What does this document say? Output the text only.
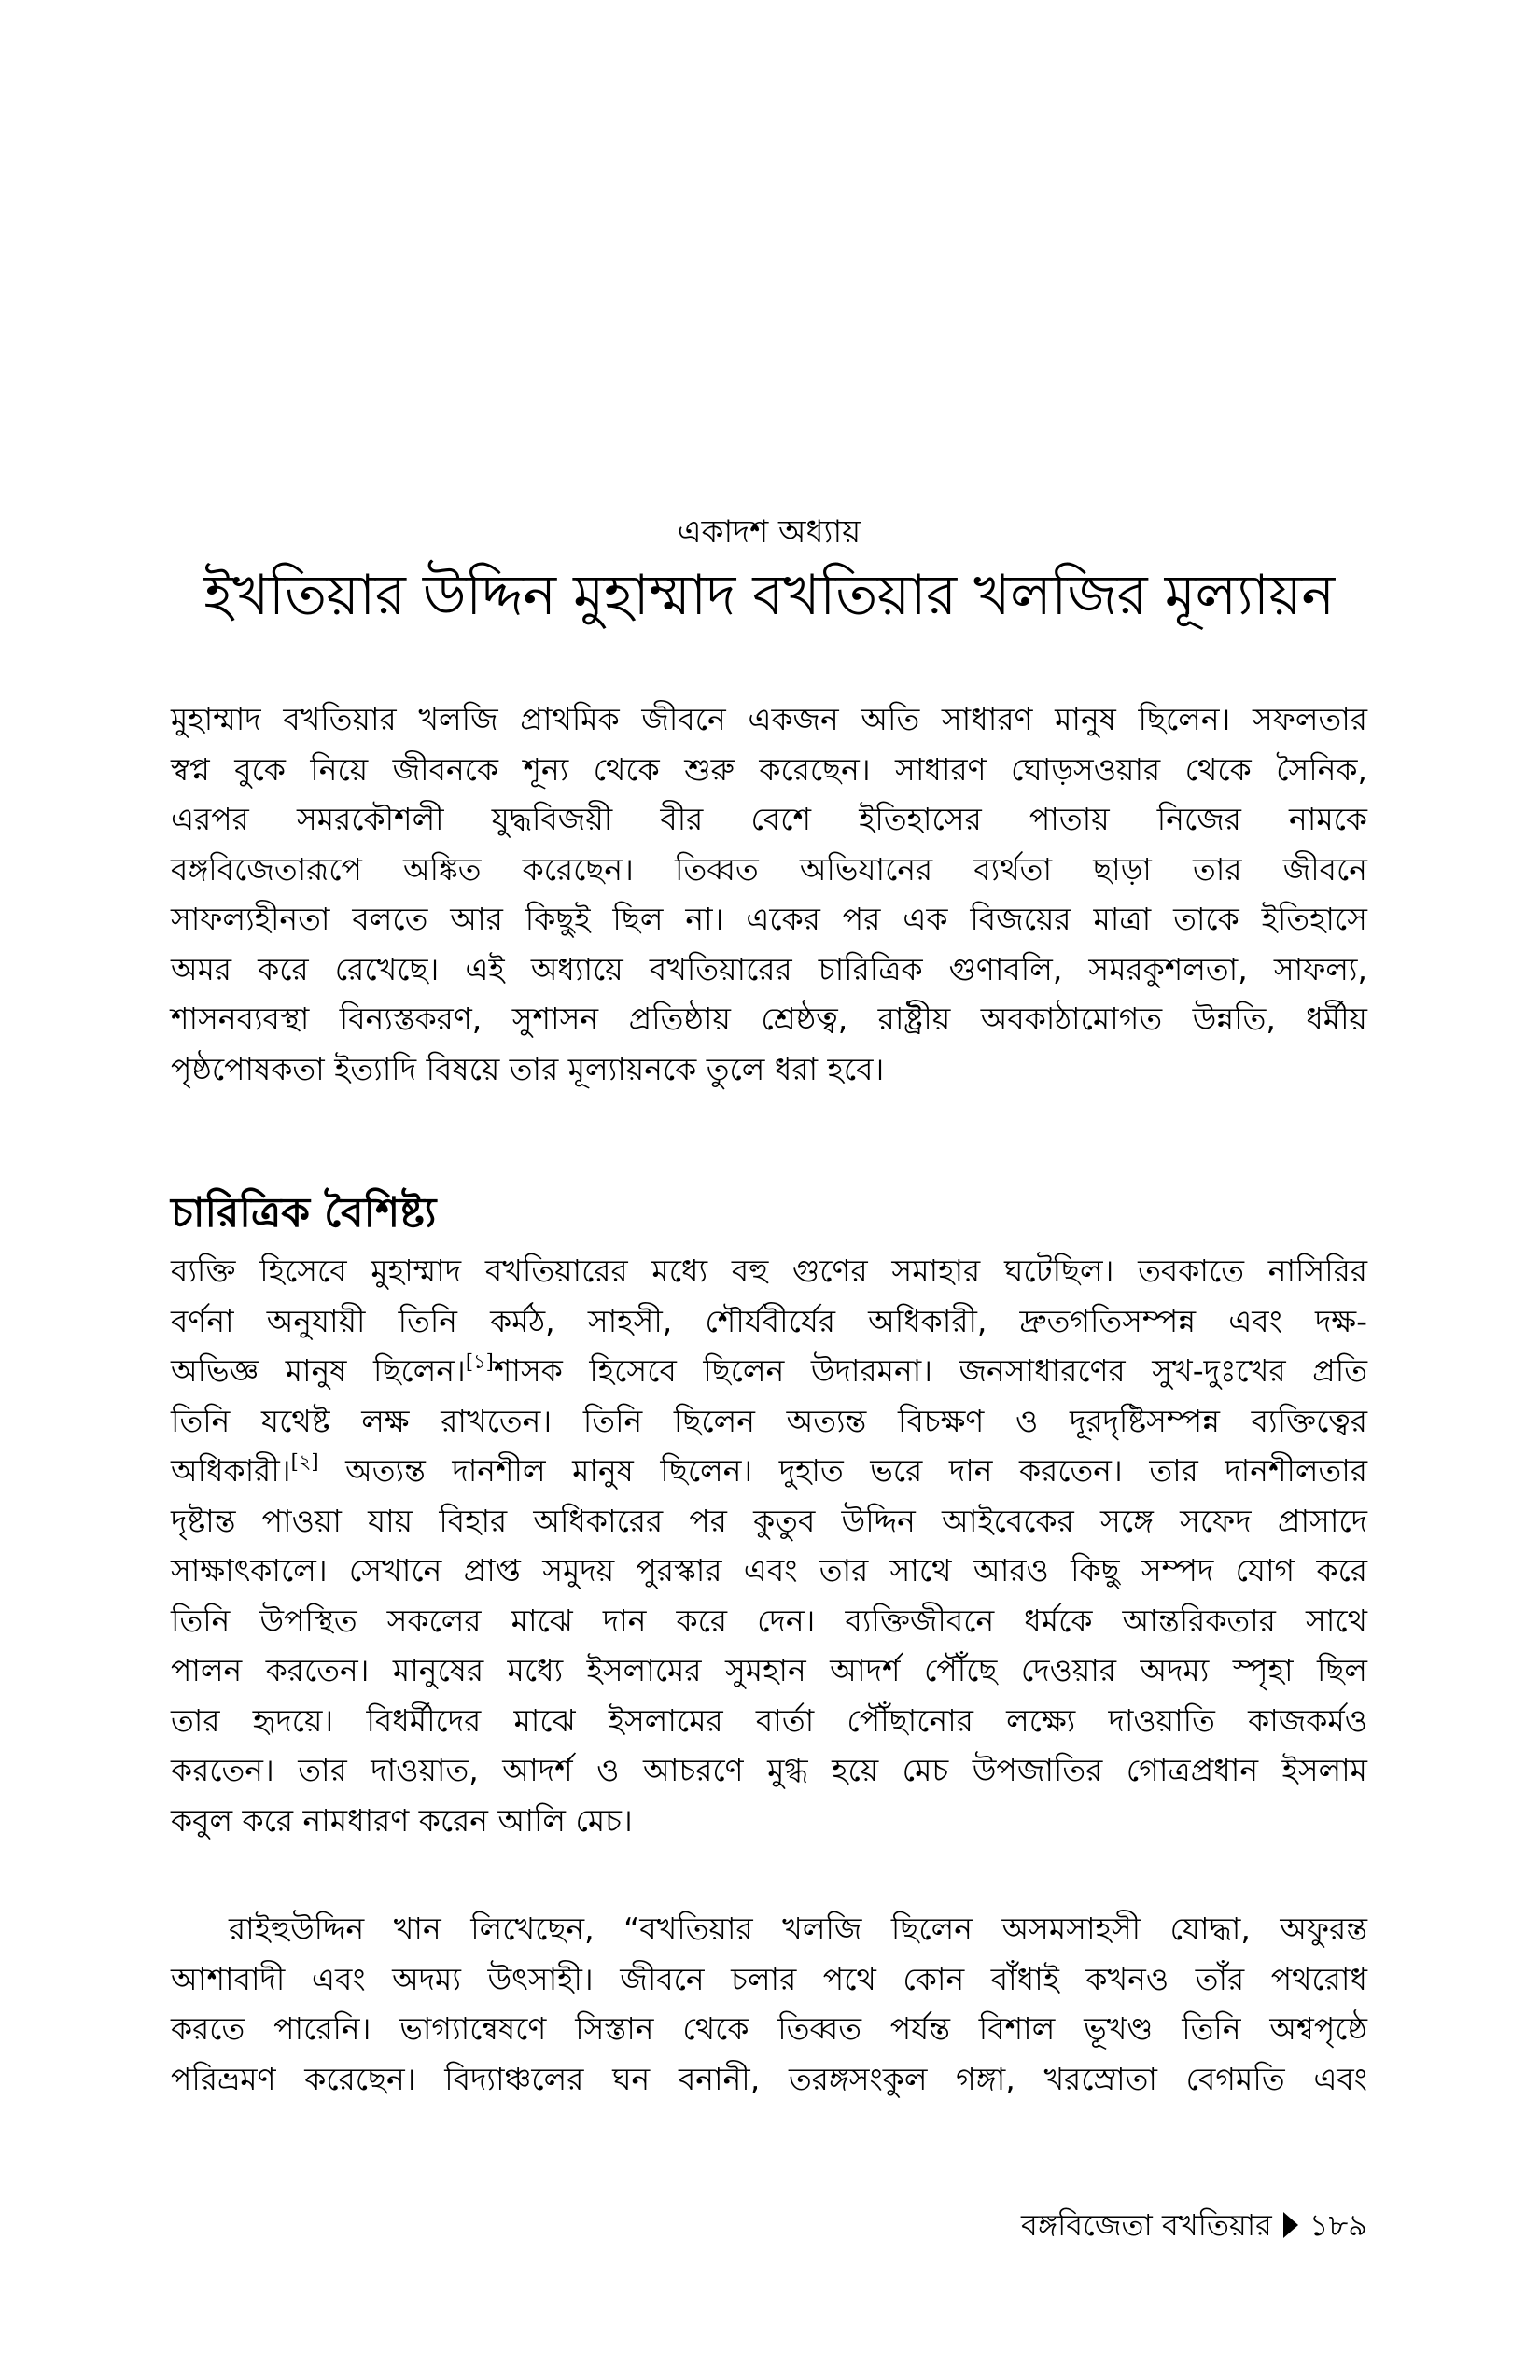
একাদশ অধ্যায়
ইখতিয়ার উদ্দিন মুহাম্মাদ বখতিয়ার খলজির মূল্যায়ন
মুহাম্মাদ বখতিয়ার খলজি প্রাথমিক জীবনে একজন অতি সাধারণ মানুষ ছিলেন। সফলতার
স্বপ্ন বুকে নিয়ে জীবনকে শূন্য থেকে শুরু করেছেন। সাধারণ ঘোড়সওয়ার থেকে সৈনিক,
এরপর সমরকৌশলী যুদ্ধবিজয়ী বীর বেশে ইতিহাসের পাতায় নিজের নামকে
বঙ্গবিজেতারূপে অঙ্কিত করেছেন। তিব্বত অভিযানের ব্যর্থতা ছাড়া তার জীবনে
সাফল্যহীনতা বলতে আর কিছুই ছিল না। একের পর এক বিজয়ের মাত্রা তাকে ইতিহাসে
অমর করে রেখেছে। এই অধ্যায়ে বখতিয়ারের চারিত্রিক গুণাবলি, সমরকুশলতা, সাফল্য,
শাসনব্যবস্থা বিন্যস্তকরণ, সুশাসন প্রতিষ্ঠায় শ্রেষ্ঠত্ব, রাষ্ট্রীয় অবকাঠামোগত উন্নতি, ধর্মীয়
পৃষ্ঠপোষকতা ইত্যাদি বিষয়ে তার মূল্যায়নকে তুলে ধরা হবে।
চারিত্রিক বৈশিষ্ট্য
ব্যক্তি হিসেবে মুহাম্মাদ বখতিয়ারের মধ্যে বহু গুণের সমাহার ঘটেছিল। তবকাতে নাসিরির
বর্ণনা অনুযায়ী তিনি কর্মঠ, সাহসী, শৌর্যবীর্যের অধিকারী, দ্রুতগতিসম্পন্ন এবং দক্ষ-
অভিজ্ঞ মানুষ ছিলেন।[১]শাসক হিসেবে ছিলেন উদারমনা। জনসাধারণের সুখ-দুঃখের প্রতি
তিনি যথেষ্ট লক্ষ রাখতেন। তিনি ছিলেন অত্যন্ত বিচক্ষণ ও দূরদৃষ্টিসম্পন্ন ব্যক্তিত্বের
অধিকারী।[২] অত্যন্ত দানশীল মানুষ ছিলেন। দুহাত ভরে দান করতেন। তার দানশীলতার
দৃষ্টান্ত পাওয়া যায় বিহার অধিকারের পর কুতুব উদ্দিন আইবেকের সঙ্গে সফেদ প্রাসাদে
সাক্ষাৎকালে। সেখানে প্রাপ্ত সমুদয় পুরস্কার এবং তার সাথে আরও কিছু সম্পদ যোগ করে
তিনি উপস্থিত সকলের মাঝে দান করে দেন। ব্যক্তিজীবনে ধর্মকে আন্তরিকতার সাথে
পালন করতেন। মানুষের মধ্যে ইসলামের সুমহান আদর্শ পৌঁছে দেওয়ার অদম্য স্পৃহা ছিল
তার হৃদয়ে। বিধর্মীদের মাঝে ইসলামের বার্তা পৌঁছানোর লক্ষ্যে দাওয়াতি কাজকর্মও
করতেন। তার দাওয়াত, আদর্শ ও আচরণে মুগ্ধ হয়ে মেচ উপজাতির গোত্রপ্রধান ইসলাম
কবুল করে নামধারণ করেন আলি মেচ।
রাইহুউদ্দিন খান লিখেছেন, “বখতিয়ার খলজি ছিলেন অসমসাহসী যোদ্ধা, অফুরন্ত
আশাবাদী এবং অদম্য উৎসাহী। জীবনে চলার পথে কোন বাঁধাই কখনও তাঁর পথরোধ
করতে পারেনি। ভাগ্যান্বেষণে সিস্তান থেকে তিব্বত পর্যন্ত বিশাল ভূখণ্ড তিনি অশ্বপৃষ্ঠে
পরিভ্রমণ করেছেন। বিদ্যাঞ্চলের ঘন বনানী, তরঙ্গসংকুল গঙ্গা, খরস্রোতা বেগমতি এবং
বঙ্গবিজেতা বখতিয়ার ১৮৯
